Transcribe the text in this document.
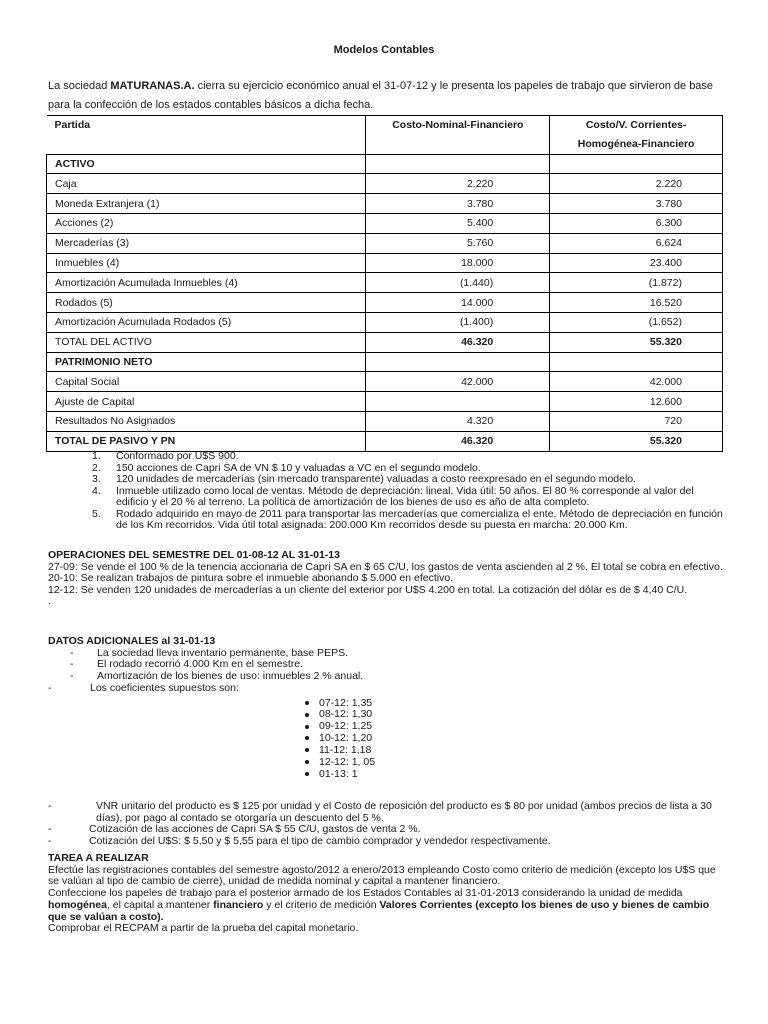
Modelos Contables
La sociedad MATURANAS.A. cierra su ejercicio económico anual el 31-07-12 y le presenta los papeles de trabajo que sirvieron de base
para la confección de los estados contables básicos a dicha fecha.
Partida	Costo-Nominal-Financiero	Costo/V. Corrientes-
		Homogénea-Financiero
ACTIVO		
Caja	2.220	2.220
Moneda Extranjera (1)	3.780	3.780
Acciones (2)	5.400	6.300
Mercaderías (3)	5.760	6.624
Inmuebles (4)	18.000	23.400
Amortización Acumulada Inmuebles (4)	(1.440)	(1.872)
Rodados (5)	14.000	16.520
Amortización Acumulada Rodados (5)	(1.400)	(1.652)
TOTAL DEL ACTIVO	46.320	55.320
PATRIMONIO NETO		
Capital Social	42.000	42.000
Ajuste de Capital		12.600
Resultados No Asignados	4.320	720
TOTAL DE PASIVO Y PN	46.320	55.320
1. Conformado por U$S 900.
2. 150 acciones de Capri SA de VN $ 10 y valuadas a VC en el segundo modelo.
3. 120 unidades de mercaderías (sin mercado transparente) valuadas a costo reexpresado en el segundo modelo.
4. Inmueble utilizado como local de ventas. Método de depreciación: lineal. Vida útil: 50 años. El 80 % corresponde al valor del edificio y el 20 % al terreno. La política de amortización de los bienes de uso es año de alta completo.
5. Rodado adquirido en mayo de 2011 para transportar las mercaderías que comercializa el ente. Método de depreciación en función de los Km recorridos. Vida útil total asignada: 200.000 Km recorridos desde su puesta en marcha: 20.000 Km.
OPERACIONES DEL SEMESTRE DEL 01-08-12 AL 31-01-13
27-09: Se vende el 100 % de la tenencia accionaria de Capri SA en $ 65 C/U, los gastos de venta ascienden al 2 %. El total se cobra en efectivo.
20-10: Se realizan trabajos de pintura sobre el inmueble abonando $ 5.000 en efectivo.
12-12: Se venden 120 unidades de mercaderías a un cliente del exterior por U$S 4.200 en total. La cotización del dólar es de $ 4,40 C/U.
.
DATOS ADICIONALES al 31-01-13
- La sociedad lleva inventario permanente, base PEPS.
- El rodado recorrió 4.000 Km en el semestre.
- Amortización de los bienes de uso: inmuebles 2 % anual.
-	Los coeficientes supuestos son:
07-12: 1,35
08-12: 1,30
09-12: 1,25
10-12: 1,20
11-12: 1,18
12-12: 1, 05
01-13: 1
-	VNR unitario del producto es $ 125 por unidad y el Costo de reposición del producto es $ 80 por unidad (ambos precios de lista a 30 días), por pago al contado se otorgaría un descuento del 5 %.
-	Cotización de las acciones de Capri SA $ 55 C/U, gastos de venta 2 %.
-	Cotización del U$S: $ 5,50 y $ 5,55 para el tipo de cambio comprador y vendedor respectivamente.
TAREA A REALIZAR
Efectúe las registraciones contables del semestre agosto/2012 a enero/2013 empleando Costo como criterio de medición (excepto los U$S que se valúan al tipo de cambio de cierre), unidad de medida nominal y capital a mantener financiero.
Confeccione los papeles de trabajo para el posterior armado de los Estados Contables al 31-01-2013 considerando la unidad de medida homogénea, el capital a mantener financiero y el criterio de medición Valores Corrientes (excepto los bienes de uso y bienes de cambio que se valúan a costo).
Comprobar el RECPAM a partir de la prueba del capital monetario.
